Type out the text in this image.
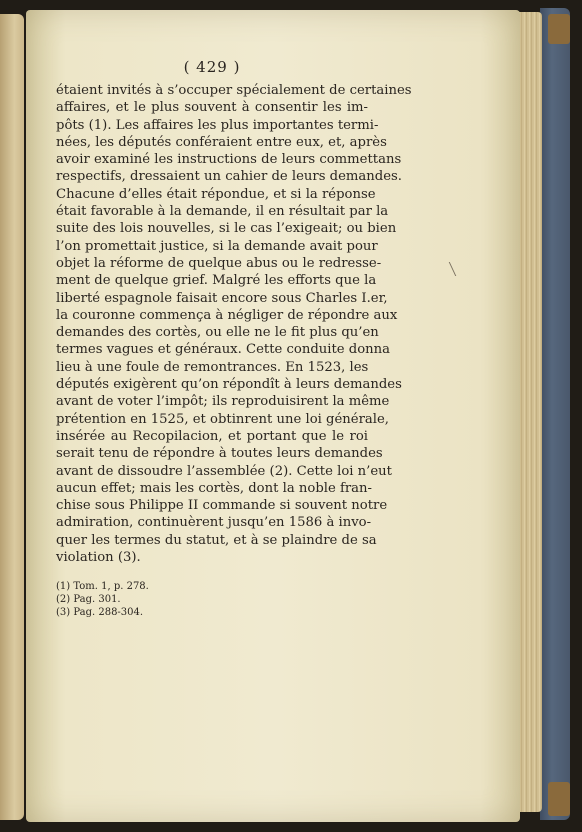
( 429 )
étaient invités à s’occuper spécialement de certaines
affaires, et le plus souvent à consentir les im-
pôts (1). Les affaires les plus importantes termi-
nées, les députés conféraient entre eux, et, après
avoir examiné les instructions de leurs commettans
respectifs, dressaient un cahier de leurs demandes.
Chacune d’elles était répondue, et si la réponse
était favorable à la demande, il en résultait par la
suite des lois nouvelles, si le cas l’exigeait; ou bien
l’on promettait justice, si la demande avait pour
objet la réforme de quelque abus ou le redresse-
ment de quelque grief. Malgré les efforts que la
liberté espagnole faisait encore sous Charles I.er,
la couronne commença à négliger de répondre aux
demandes des cortès, ou elle ne le fit plus qu’en
termes vagues et généraux. Cette conduite donna
lieu à une foule de remontrances. En 1523, les
députés exigèrent qu’on répondît à leurs demandes
avant de voter l’impôt; ils reproduisirent la même
prétention en 1525, et obtinrent une loi générale,
insérée au Recopilacion, et portant que le roi
serait tenu de répondre à toutes leurs demandes
avant de dissoudre l’assemblée (2). Cette loi n’eut
aucun effet; mais les cortès, dont la noble fran-
chise sous Philippe II commande si souvent notre
admiration, continuèrent jusqu’en 1586 à invo-
quer les termes du statut, et à se plaindre de sa
violation (3).
(1) Tom. 1, p. 278.
(2) Pag. 301.
(3) Pag. 288-304.
